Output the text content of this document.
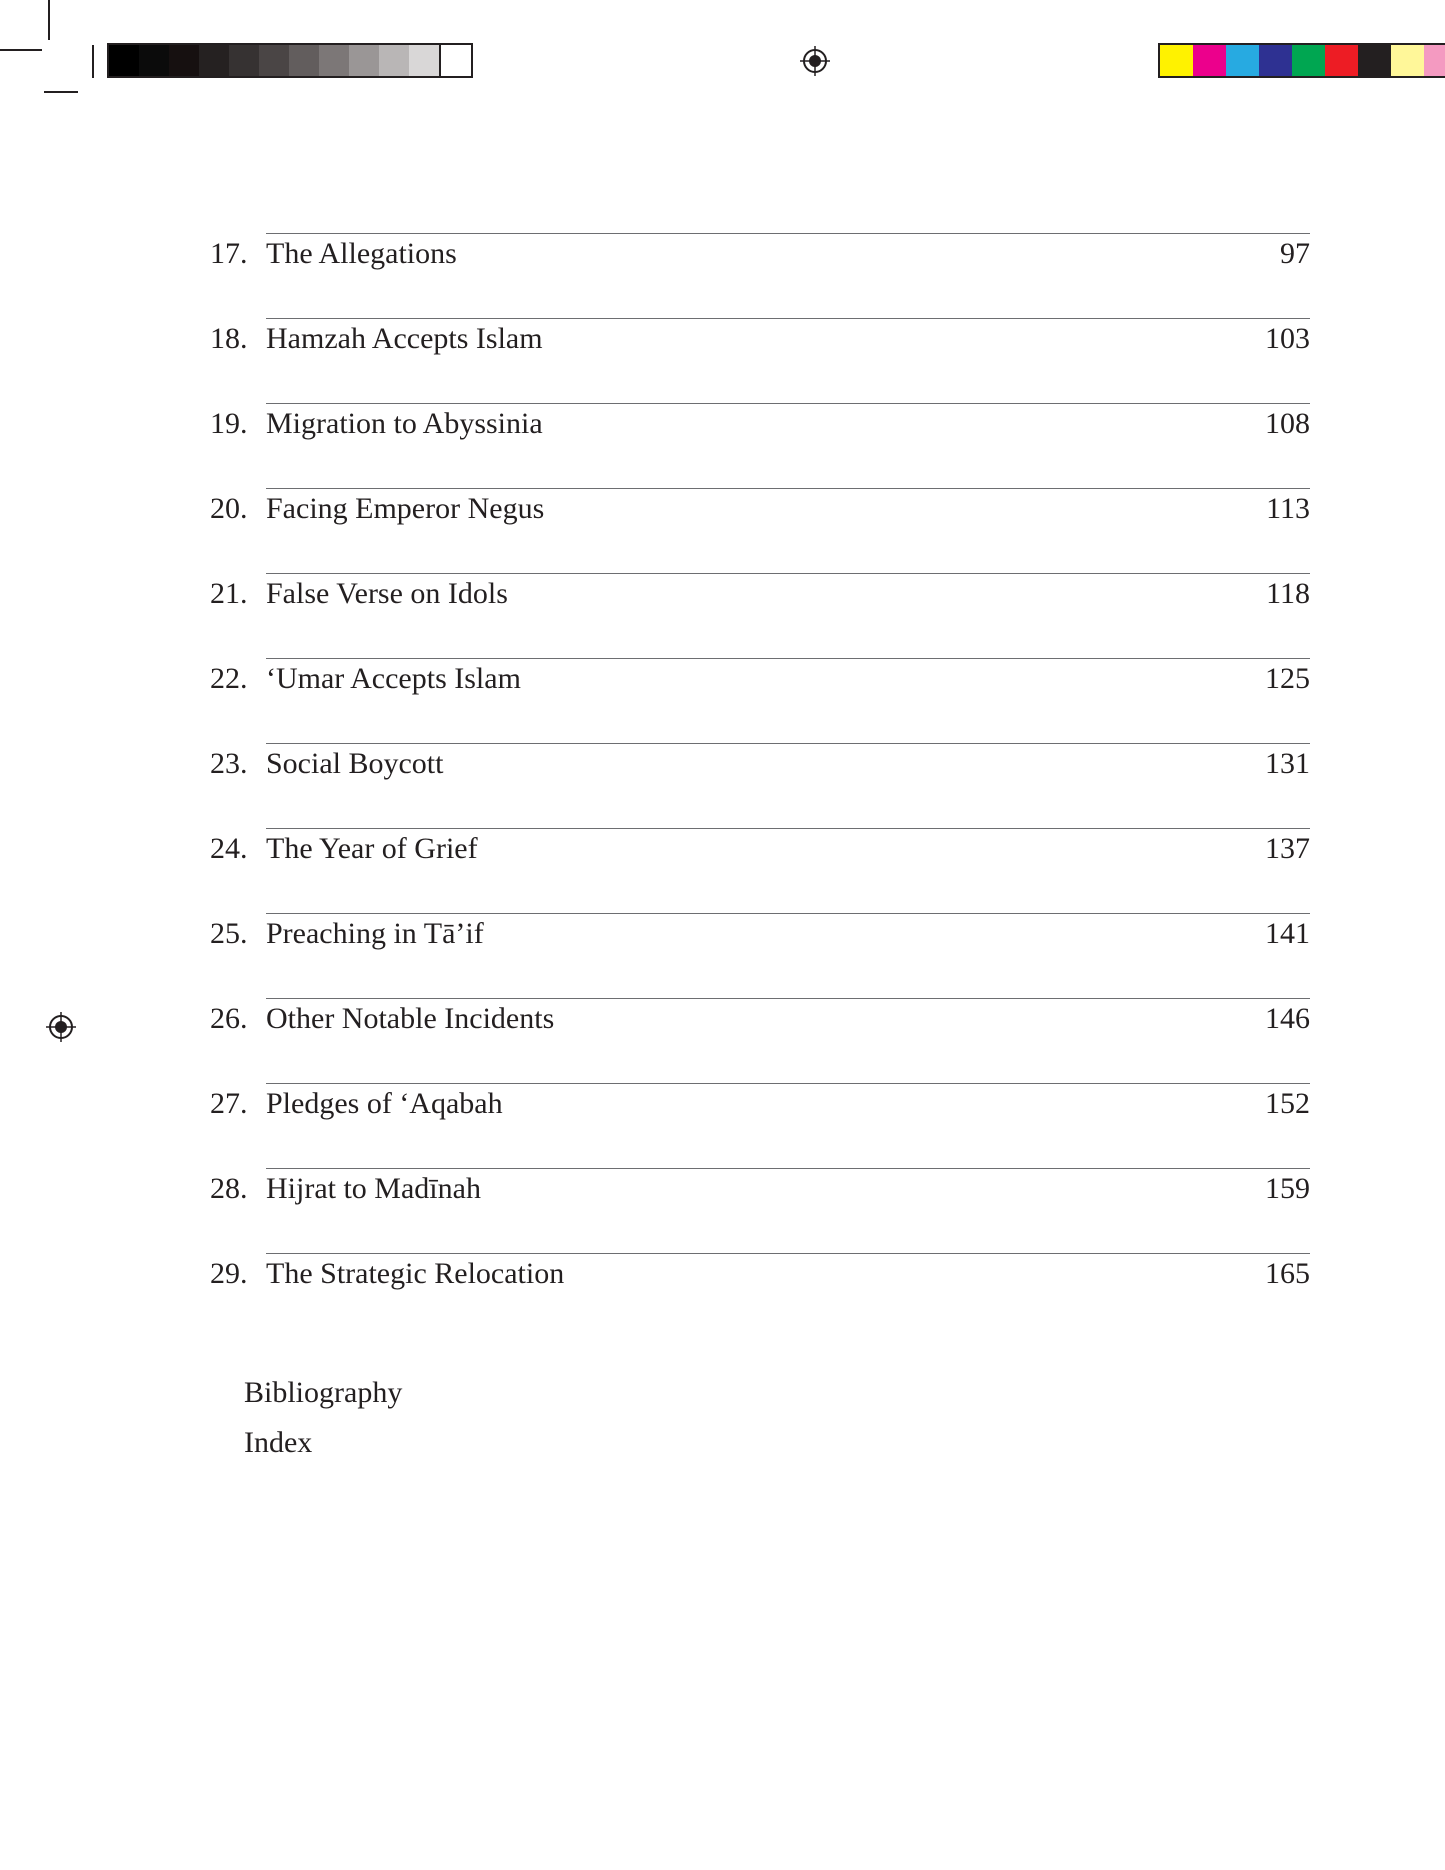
17. The Allegations	97
18. Hamzah Accepts Islam	103
19. Migration to Abyssinia	108
20. Facing Emperor Negus	113
21. False Verse on Idols	118
22. ‘Umar Accepts Islam	125
23. Social Boycott	131
24. The Year of Grief	137
25. Preaching in Tā’if	141
26. Other Notable Incidents	146
27. Pledges of ‘Aqabah	152
28. Hijrat to Madīnah	159
29. The Strategic Relocation	165
Bibliography
Index
